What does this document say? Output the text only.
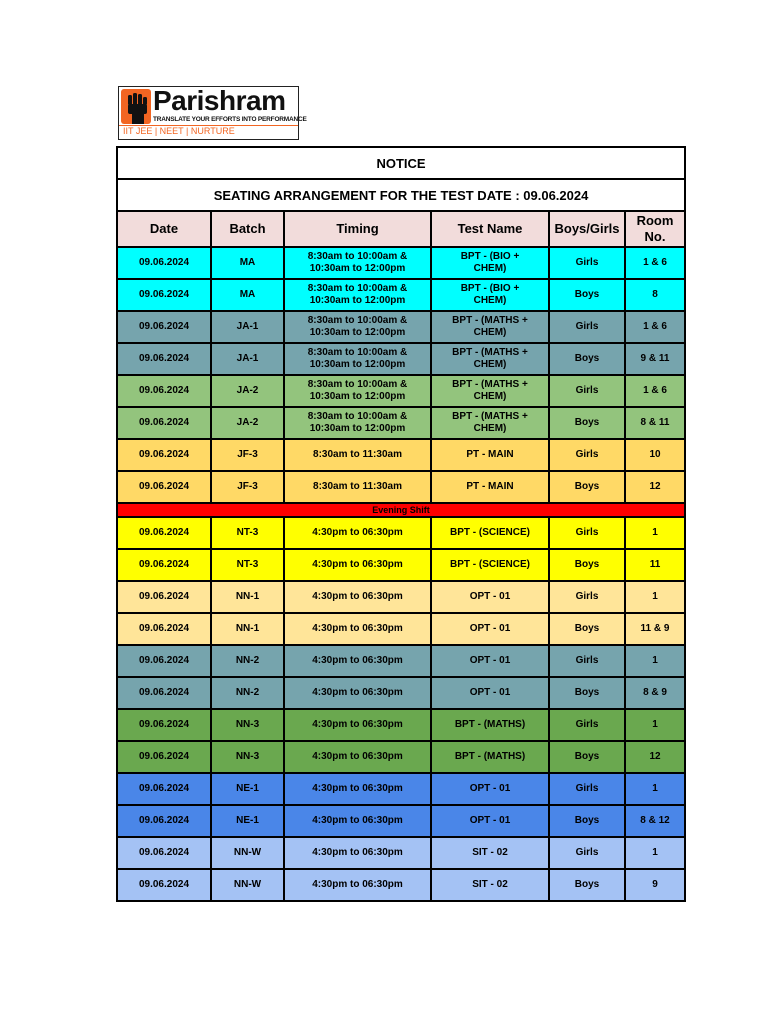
Parishram
TRANSLATE YOUR EFFORTS INTO PERFORMANCE
IIT JEE | NEET | NURTURE
NOTICE					
SEATING ARRANGEMENT FOR THE TEST DATE : 09.06.2024					
Date	Batch	Timing	Test Name	Boys/Girls	Room No.
09.06.2024	MA	8:30am to 10:00am & 10:30am to 12:00pm	BPT - (BIO + CHEM)	Girls	1 & 6
09.06.2024	MA	8:30am to 10:00am & 10:30am to 12:00pm	BPT - (BIO + CHEM)	Boys	8
09.06.2024	JA-1	8:30am to 10:00am & 10:30am to 12:00pm	BPT - (MATHS + CHEM)	Girls	1 & 6
09.06.2024	JA-1	8:30am to 10:00am & 10:30am to 12:00pm	BPT - (MATHS + CHEM)	Boys	9 & 11
09.06.2024	JA-2	8:30am to 10:00am & 10:30am to 12:00pm	BPT - (MATHS + CHEM)	Girls	1 & 6
09.06.2024	JA-2	8:30am to 10:00am & 10:30am to 12:00pm	BPT - (MATHS + CHEM)	Boys	8 & 11
09.06.2024	JF-3	8:30am to 11:30am	PT - MAIN	Girls	10
09.06.2024	JF-3	8:30am to 11:30am	PT - MAIN	Boys	12
Evening Shift					
09.06.2024	NT-3	4:30pm to 06:30pm	BPT - (SCIENCE)	Girls	1
09.06.2024	NT-3	4:30pm to 06:30pm	BPT - (SCIENCE)	Boys	11
09.06.2024	NN-1	4:30pm to 06:30pm	OPT - 01	Girls	1
09.06.2024	NN-1	4:30pm to 06:30pm	OPT - 01	Boys	11 & 9
09.06.2024	NN-2	4:30pm to 06:30pm	OPT - 01	Girls	1
09.06.2024	NN-2	4:30pm to 06:30pm	OPT - 01	Boys	8 & 9
09.06.2024	NN-3	4:30pm to 06:30pm	BPT - (MATHS)	Girls	1
09.06.2024	NN-3	4:30pm to 06:30pm	BPT - (MATHS)	Boys	12
09.06.2024	NE-1	4:30pm to 06:30pm	OPT - 01	Girls	1
09.06.2024	NE-1	4:30pm to 06:30pm	OPT - 01	Boys	8 & 12
09.06.2024	NN-W	4:30pm to 06:30pm	SIT - 02	Girls	1
09.06.2024	NN-W	4:30pm to 06:30pm	SIT - 02	Boys	9
